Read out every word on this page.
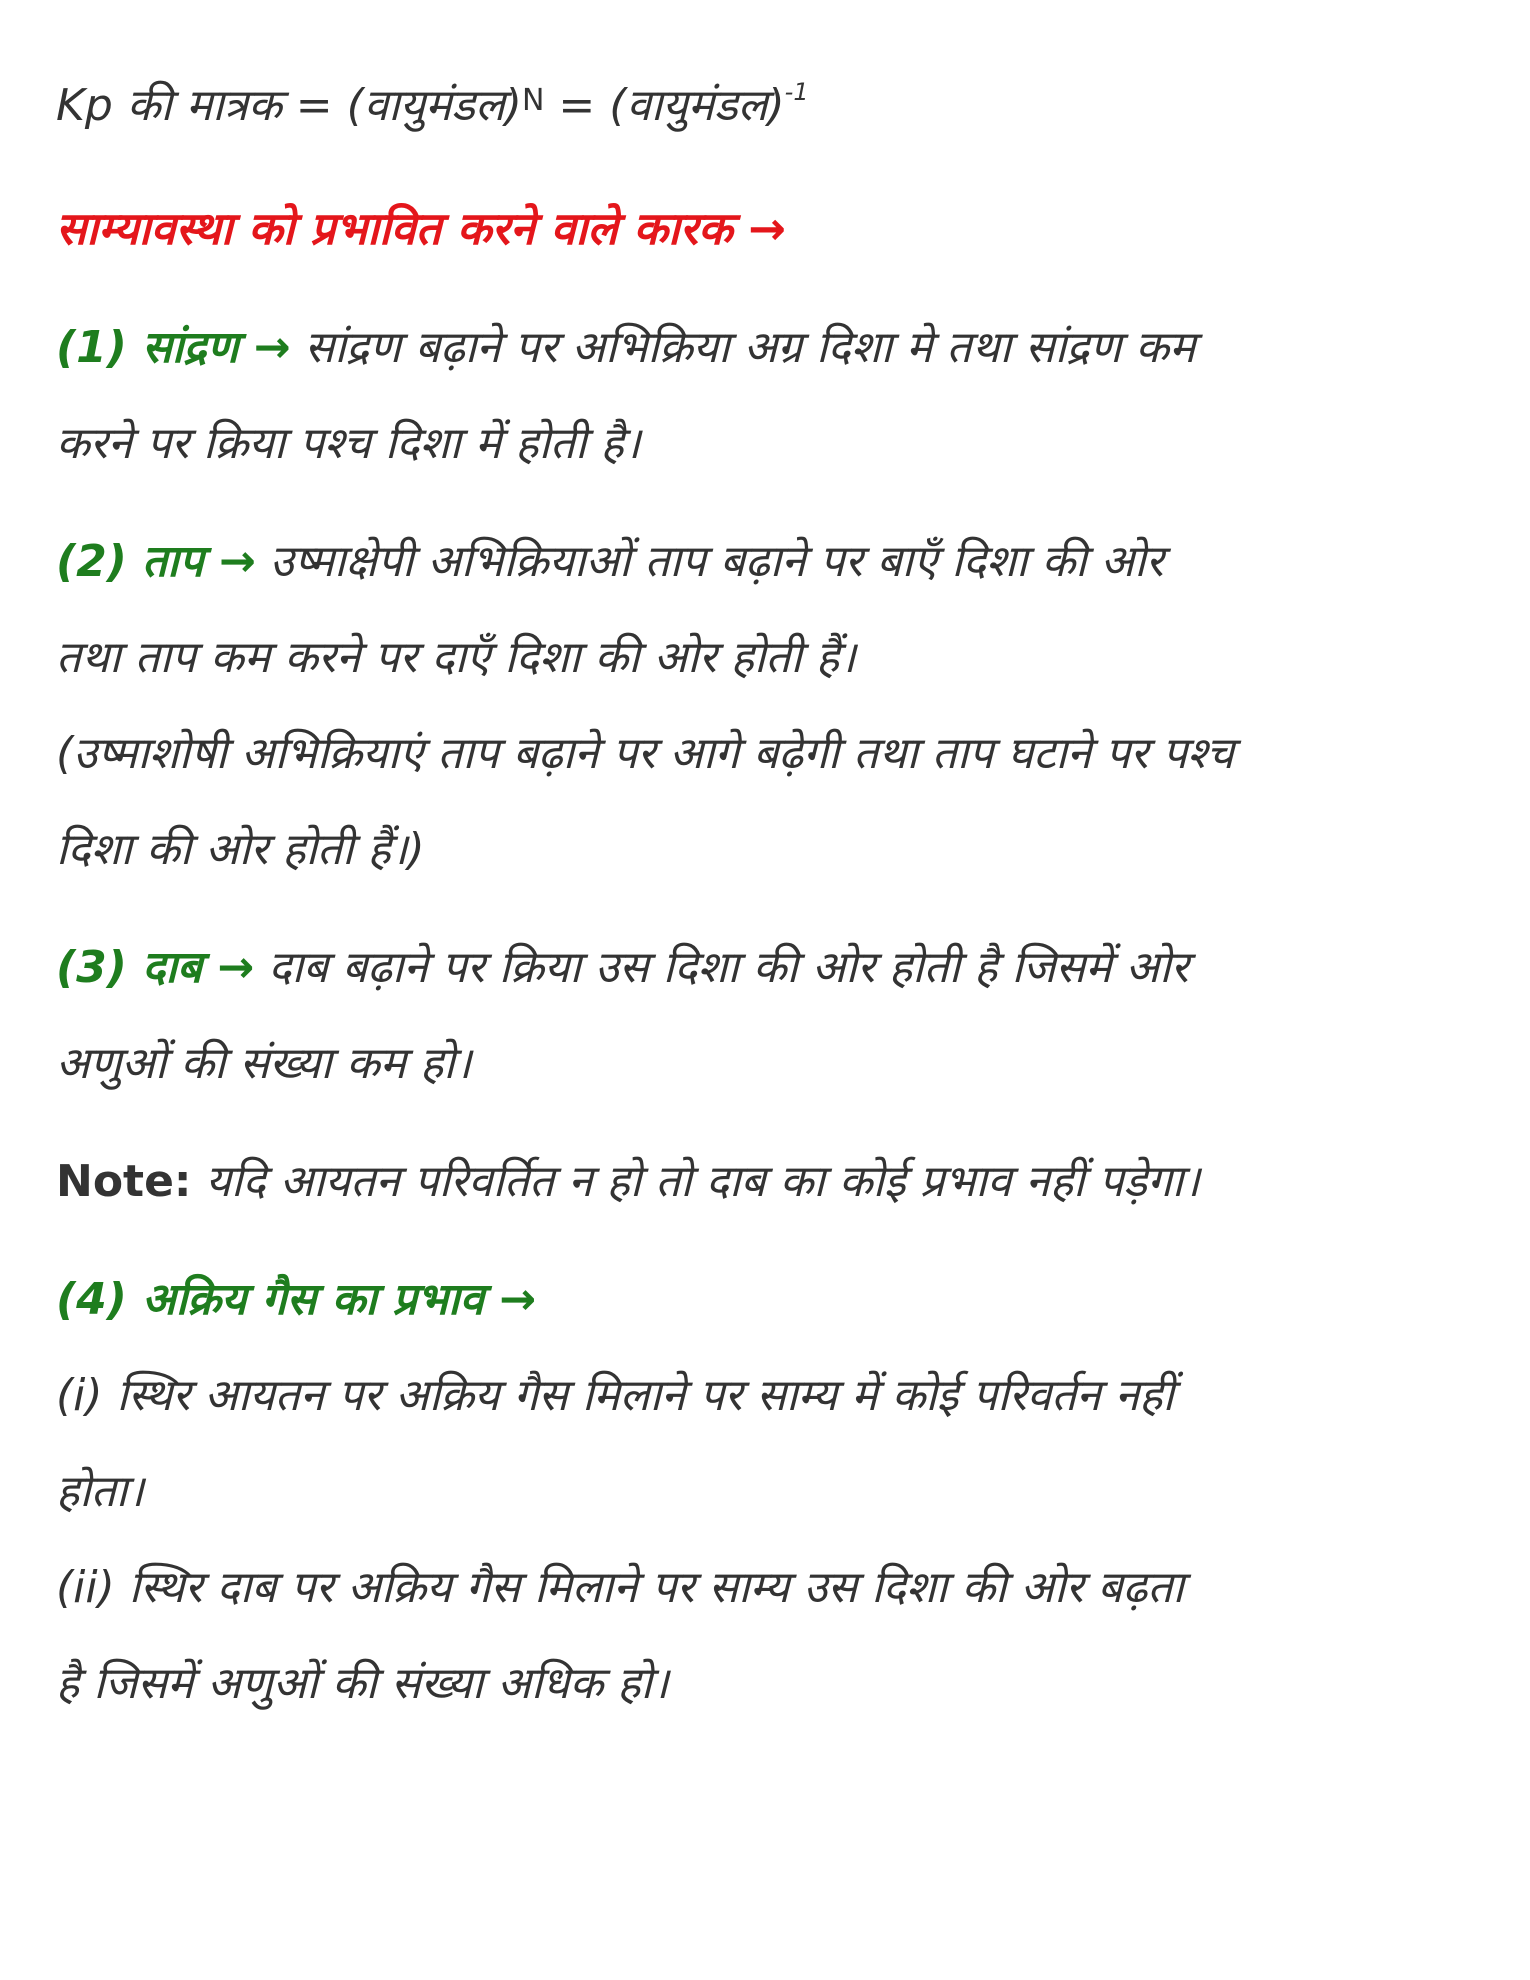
Kp की मात्रक = (वायुमंडल)$^N$ = (वायुमंडल)$^{-1}$

साम्यावस्था को प्रभावित करने वाले कारक →

(1) सांद्रण → सांद्रण बढ़ाने पर अभिक्रिया अग्र दिशा मे तथा सांद्रण कम

करने पर क्रिया पश्च दिशा में होती है।

(2) ताप → उष्माक्षेपी अभिक्रियाओं ताप बढ़ाने पर बाएँ दिशा की ओर

तथा ताप कम करने पर दाएँ दिशा की ओर होती हैं।

(उष्माशोषी अभिक्रियाएं ताप बढ़ाने पर आगे बढ़ेगी तथा ताप घटाने पर पश्च

दिशा की ओर होती हैं।)

(3) दाब → दाब बढ़ाने पर क्रिया उस दिशा की ओर होती है जिसमें ओर

अणुओं की संख्या कम हो।

Note: यदि आयतन परिवर्तित न हो तो दाब का कोई प्रभाव नहीं पड़ेगा।

(4) अक्रिय गैस का प्रभाव →

(i) स्थिर आयतन पर अक्रिय गैस मिलाने पर साम्य में कोई परिवर्तन नहीं

होता।

(ii) स्थिर दाब पर अक्रिय गैस मिलाने पर साम्य उस दिशा की ओर बढ़ता

है जिसमें अणुओं की संख्या अधिक हो।
